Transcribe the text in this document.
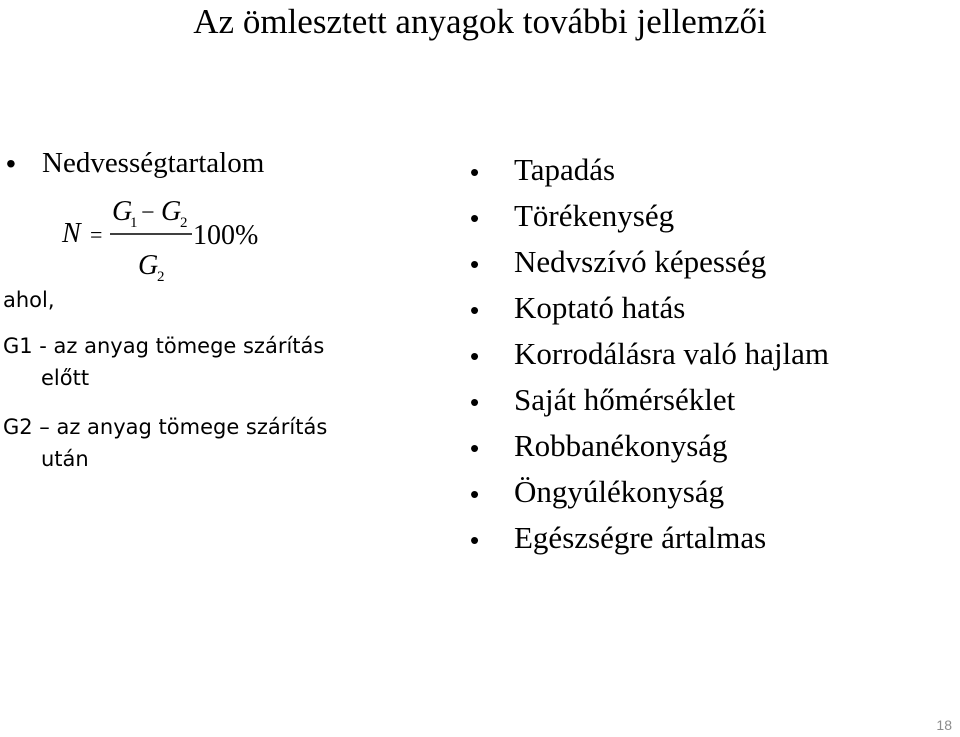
Az ömlesztett anyagok további jellemzői
• Nedvességtartalom
N =
G
1 − G
2
G
2
100%
ahol,
G1 - az anyag tömege szárítás
előtt
G2 – az anyag tömege szárítás
után
• Tapadás
• Törékenység
• Nedvszívó képesség
• Koptató hatás
• Korrodálásra való hajlam
• Saját hőmérséklet
• Robbanékonyság
• Öngyúlékonyság
• Egészségre ártalmas
18
